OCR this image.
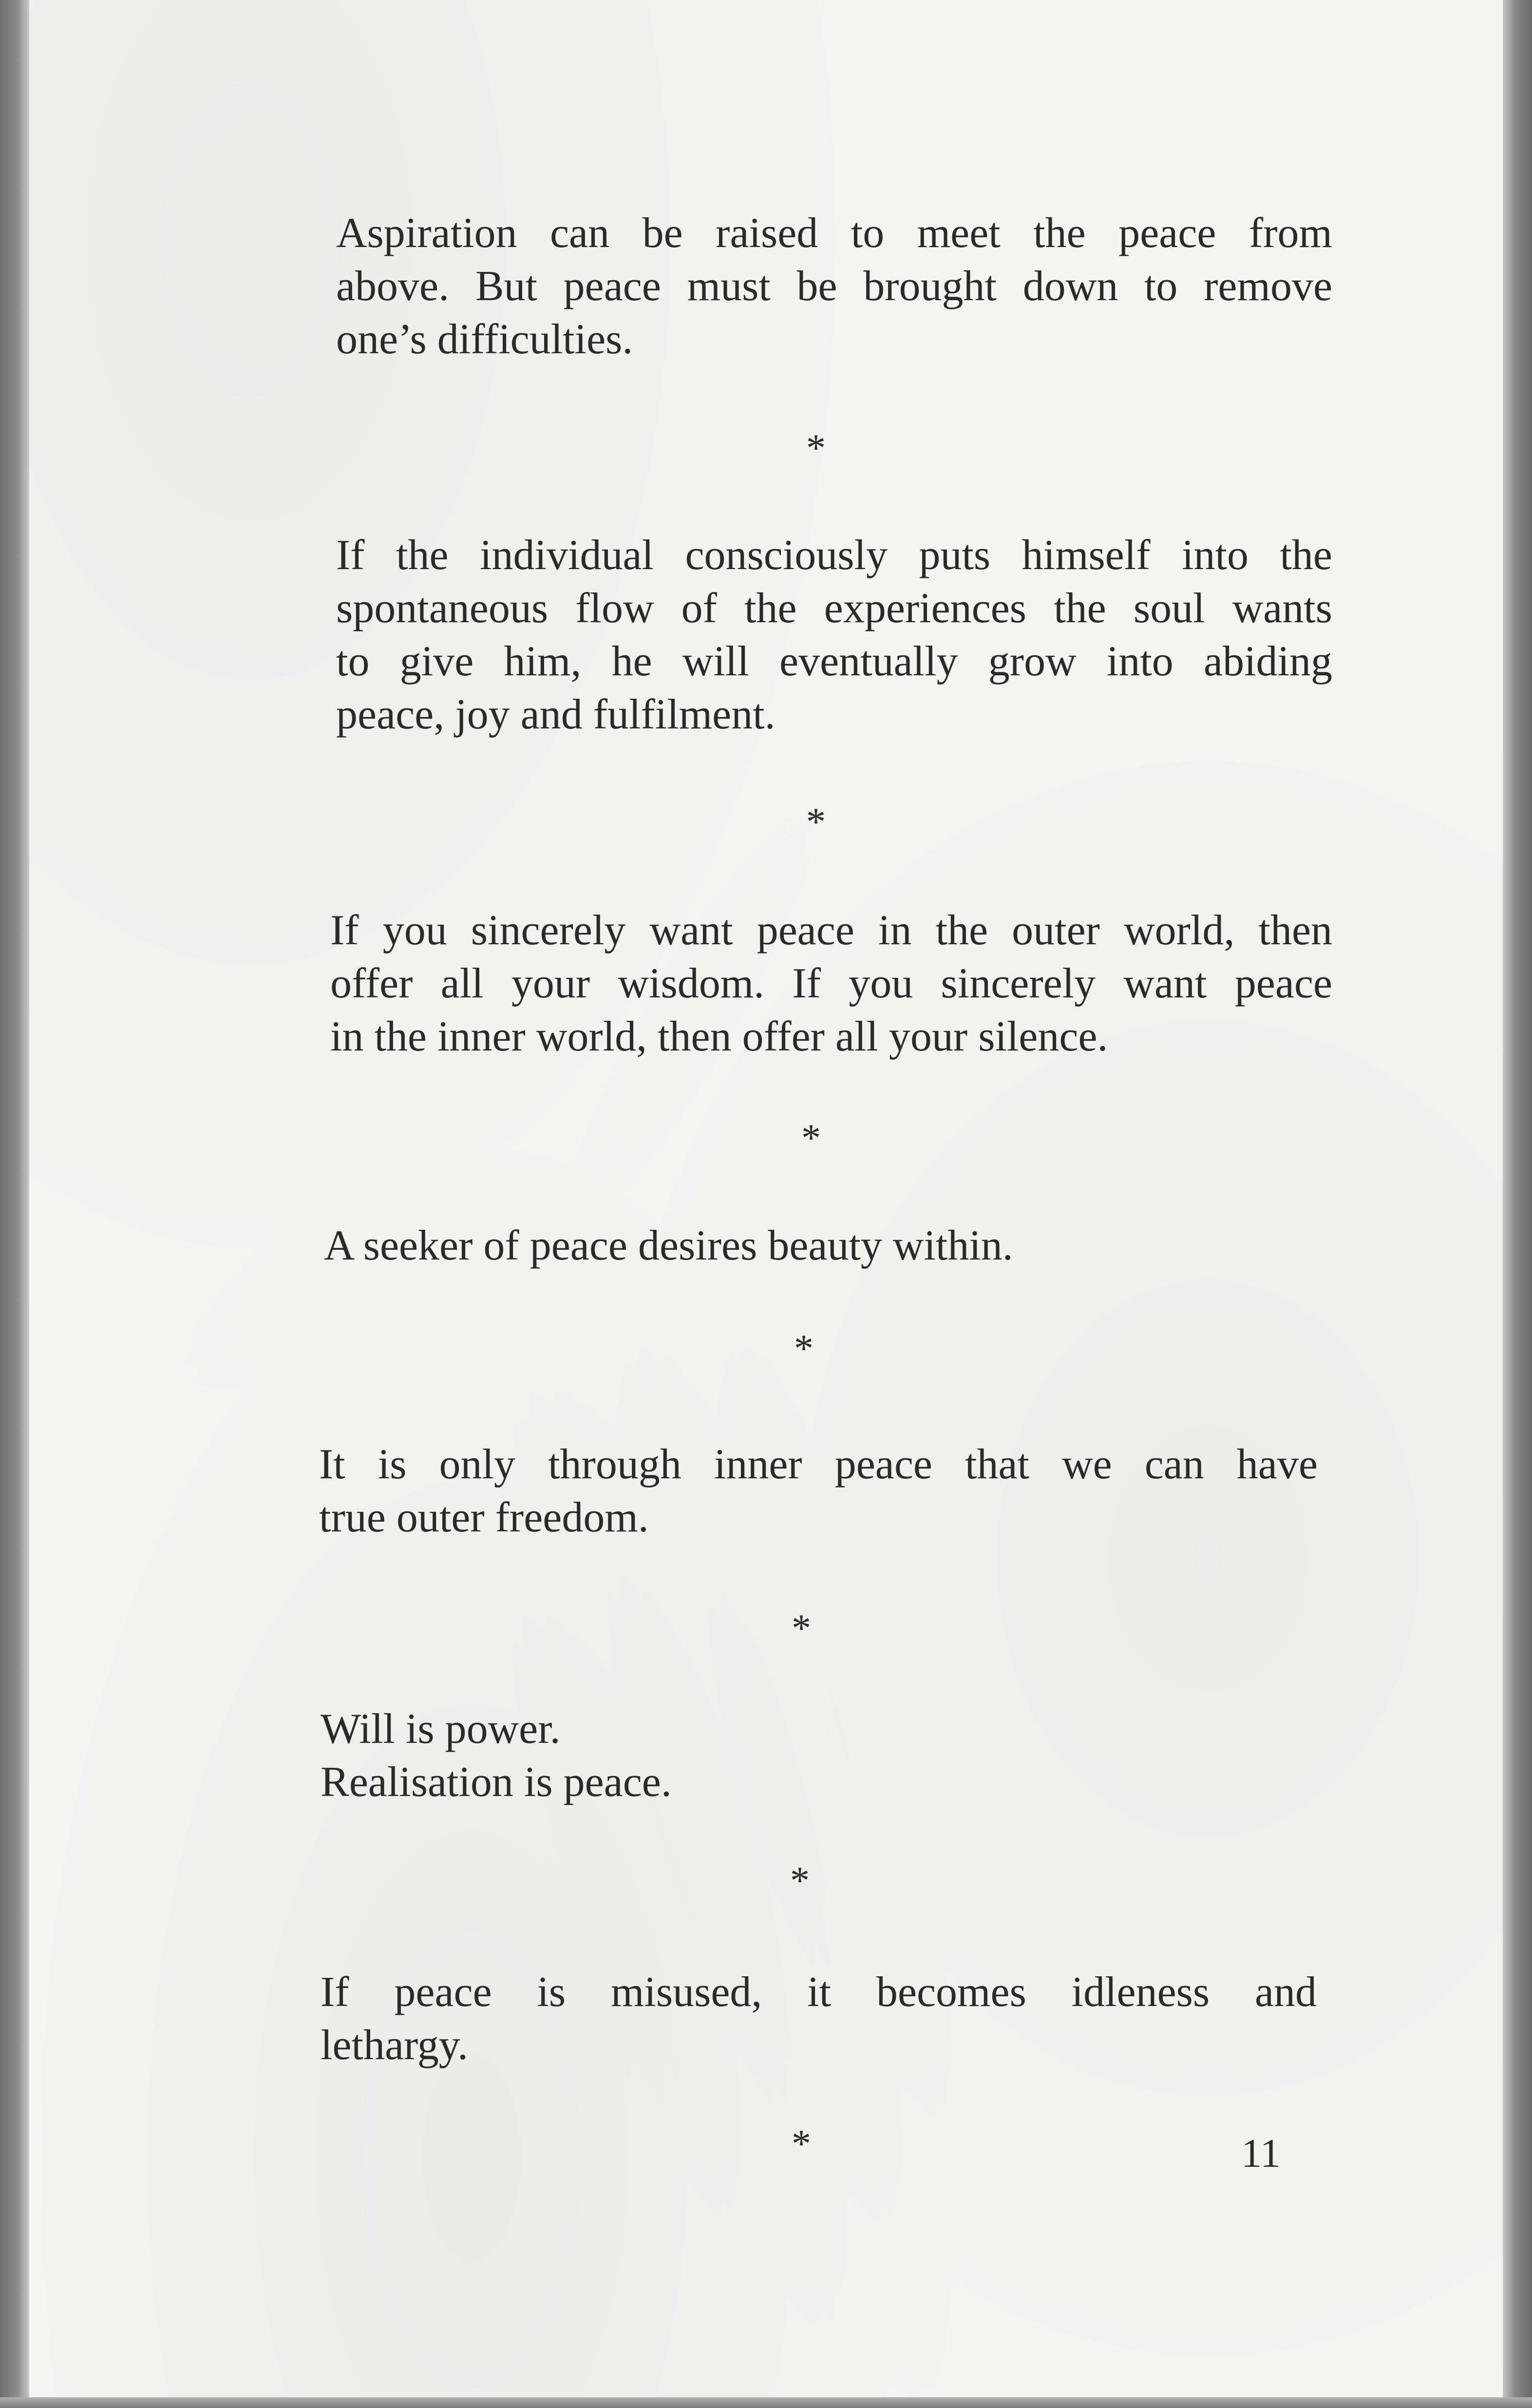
Aspiration can be raised to meet the peace from
above. But peace must be brought down to remove
one’s difficulties.

*

If the individual consciously puts himself into the
spontaneous flow of the experiences the soul wants
to give him, he will eventually grow into abiding
peace, joy and fulfilment.

*

If you sincerely want peace in the outer world, then
offer all your wisdom. If you sincerely want peace
in the inner world, then offer all your silence.

*

A seeker of peace desires beauty within.

*

It is only through inner peace that we can have
true outer freedom.

*

Will is power.
Realisation is peace.

*

If peace is misused, it becomes idleness and
lethargy.

*	11
